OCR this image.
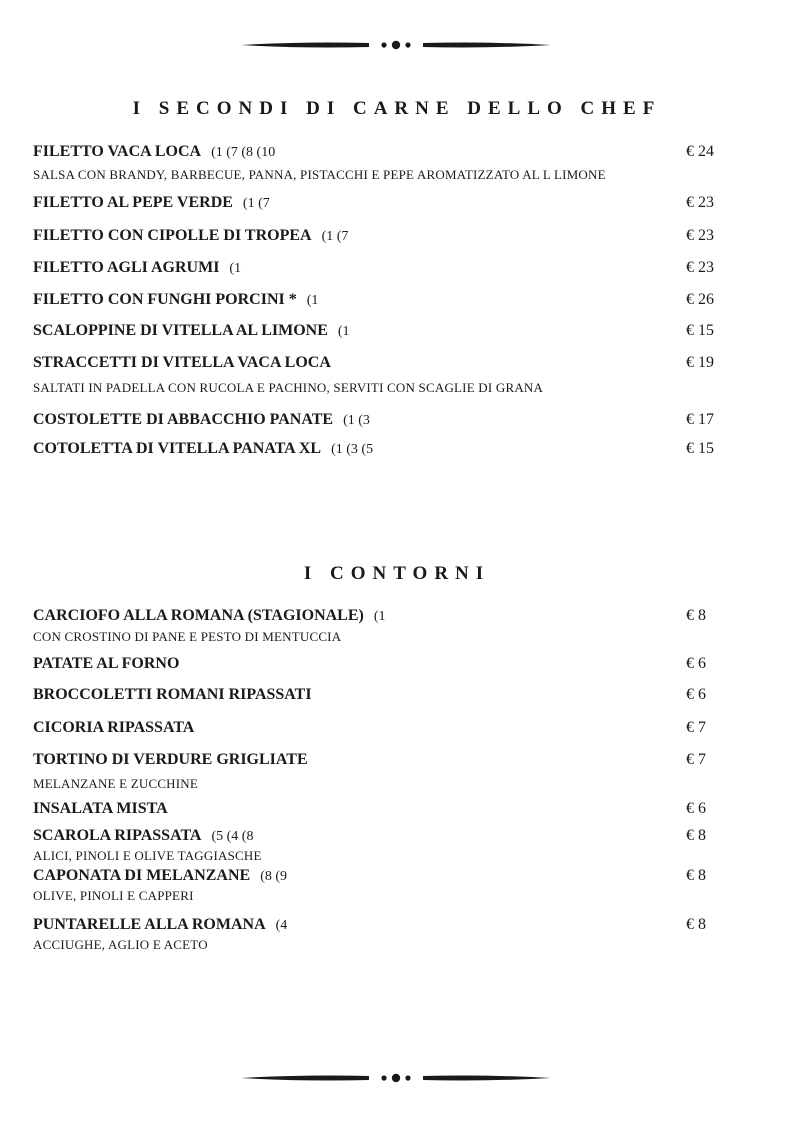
I SECONDI DI CARNE DELLO CHEF
FILETTO VACA LOCA (1 (7 (8 (10	€ 24
SALSA CON BRANDY, BARBECUE, PANNA, PISTACCHI E PEPE AROMATIZZATO AL L LIMONE
FILETTO AL PEPE VERDE (1 (7	€ 23
FILETTO CON CIPOLLE DI TROPEA (1 (7	€ 23
FILETTO AGLI AGRUMI (1	€ 23
FILETTO CON FUNGHI PORCINI * (1	€ 26
SCALOPPINE DI VITELLA AL LIMONE (1	€ 15
STRACCETTI DI VITELLA VACA LOCA	€ 19
SALTATI IN PADELLA CON RUCOLA E PACHINO, SERVITI CON SCAGLIE DI GRANA
COSTOLETTE DI ABBACCHIO PANATE (1 (3	€ 17
COTOLETTA DI VITELLA PANATA XL (1 (3 (5	€ 15
I CONTORNI
CARCIOFO ALLA ROMANA (STAGIONALE) (1	€ 8
CON CROSTINO DI PANE E PESTO DI MENTUCCIA
PATATE AL FORNO	€ 6
BROCCOLETTI ROMANI RIPASSATI	€ 6
CICORIA RIPASSATA	€ 7
TORTINO DI VERDURE GRIGLIATE	€ 7
MELANZANE E ZUCCHINE
INSALATA MISTA	€ 6
SCAROLA RIPASSATA (5 (4 (8	€ 8
ALICI, PINOLI E OLIVE TAGGIASCHE
CAPONATA DI MELANZANE (8 (9	€ 8
OLIVE, PINOLI E CAPPERI
PUNTARELLE ALLA ROMANA (4	€ 8
ACCIUGHE, AGLIO E ACETO
